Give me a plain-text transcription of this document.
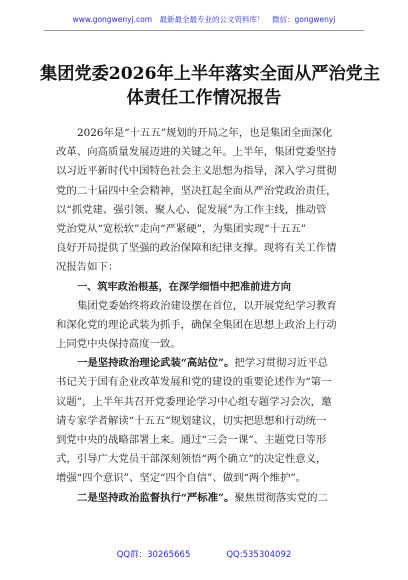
www.gongwenyj.com　最新最全最专业的公文资料库！　微信：gongwenyj
集团党委2026年上半年落实全面从严治党主
体责任工作情况报告
2026年是“十五五”规划的开局之年，也是集团全面深化
改革、向高质量发展迈进的关键之年。上半年，集团党委坚持
以习近平新时代中国特色社会主义思想为指导，深入学习贯彻
党的二十届四中全会精神，坚决扛起全面从严治党政治责任，
以“抓党建、强引领、聚人心、促发展”为工作主线，推动管
党治党从“宽松软”走向“严紧硬”，为集团实现“十五五”
良好开局提供了坚强的政治保障和纪律支撑。现将有关工作情
况报告如下：
一、筑牢政治根基，在深学细悟中把准前进方向
集团党委始终将政治建设摆在首位，以开展党纪学习教育
和深化党的理论武装为抓手，确保全集团在思想上政治上行动
上同党中央保持高度一致。
一是坚持政治理论武装“高站位”。把学习贯彻习近平总
书记关于国有企业改革发展和党的建设的重要论述作为“第一
议题”，上半年共召开党委理论学习中心组专题学习会次，邀
请专家学者解读“十五五”规划建议，切实把思想和行动统一
到党中央的战略部署上来。通过“三会一课”、主题党日等形
式，引导广大党员干部深刻领悟“两个确立”的决定性意义，
增强“四个意识”、坚定“四个自信”、做到“两个维护”。
二是坚持政治监督执行“严标准”。聚焦贯彻落实党的二
QQ群：30265665	QQ:535304092
